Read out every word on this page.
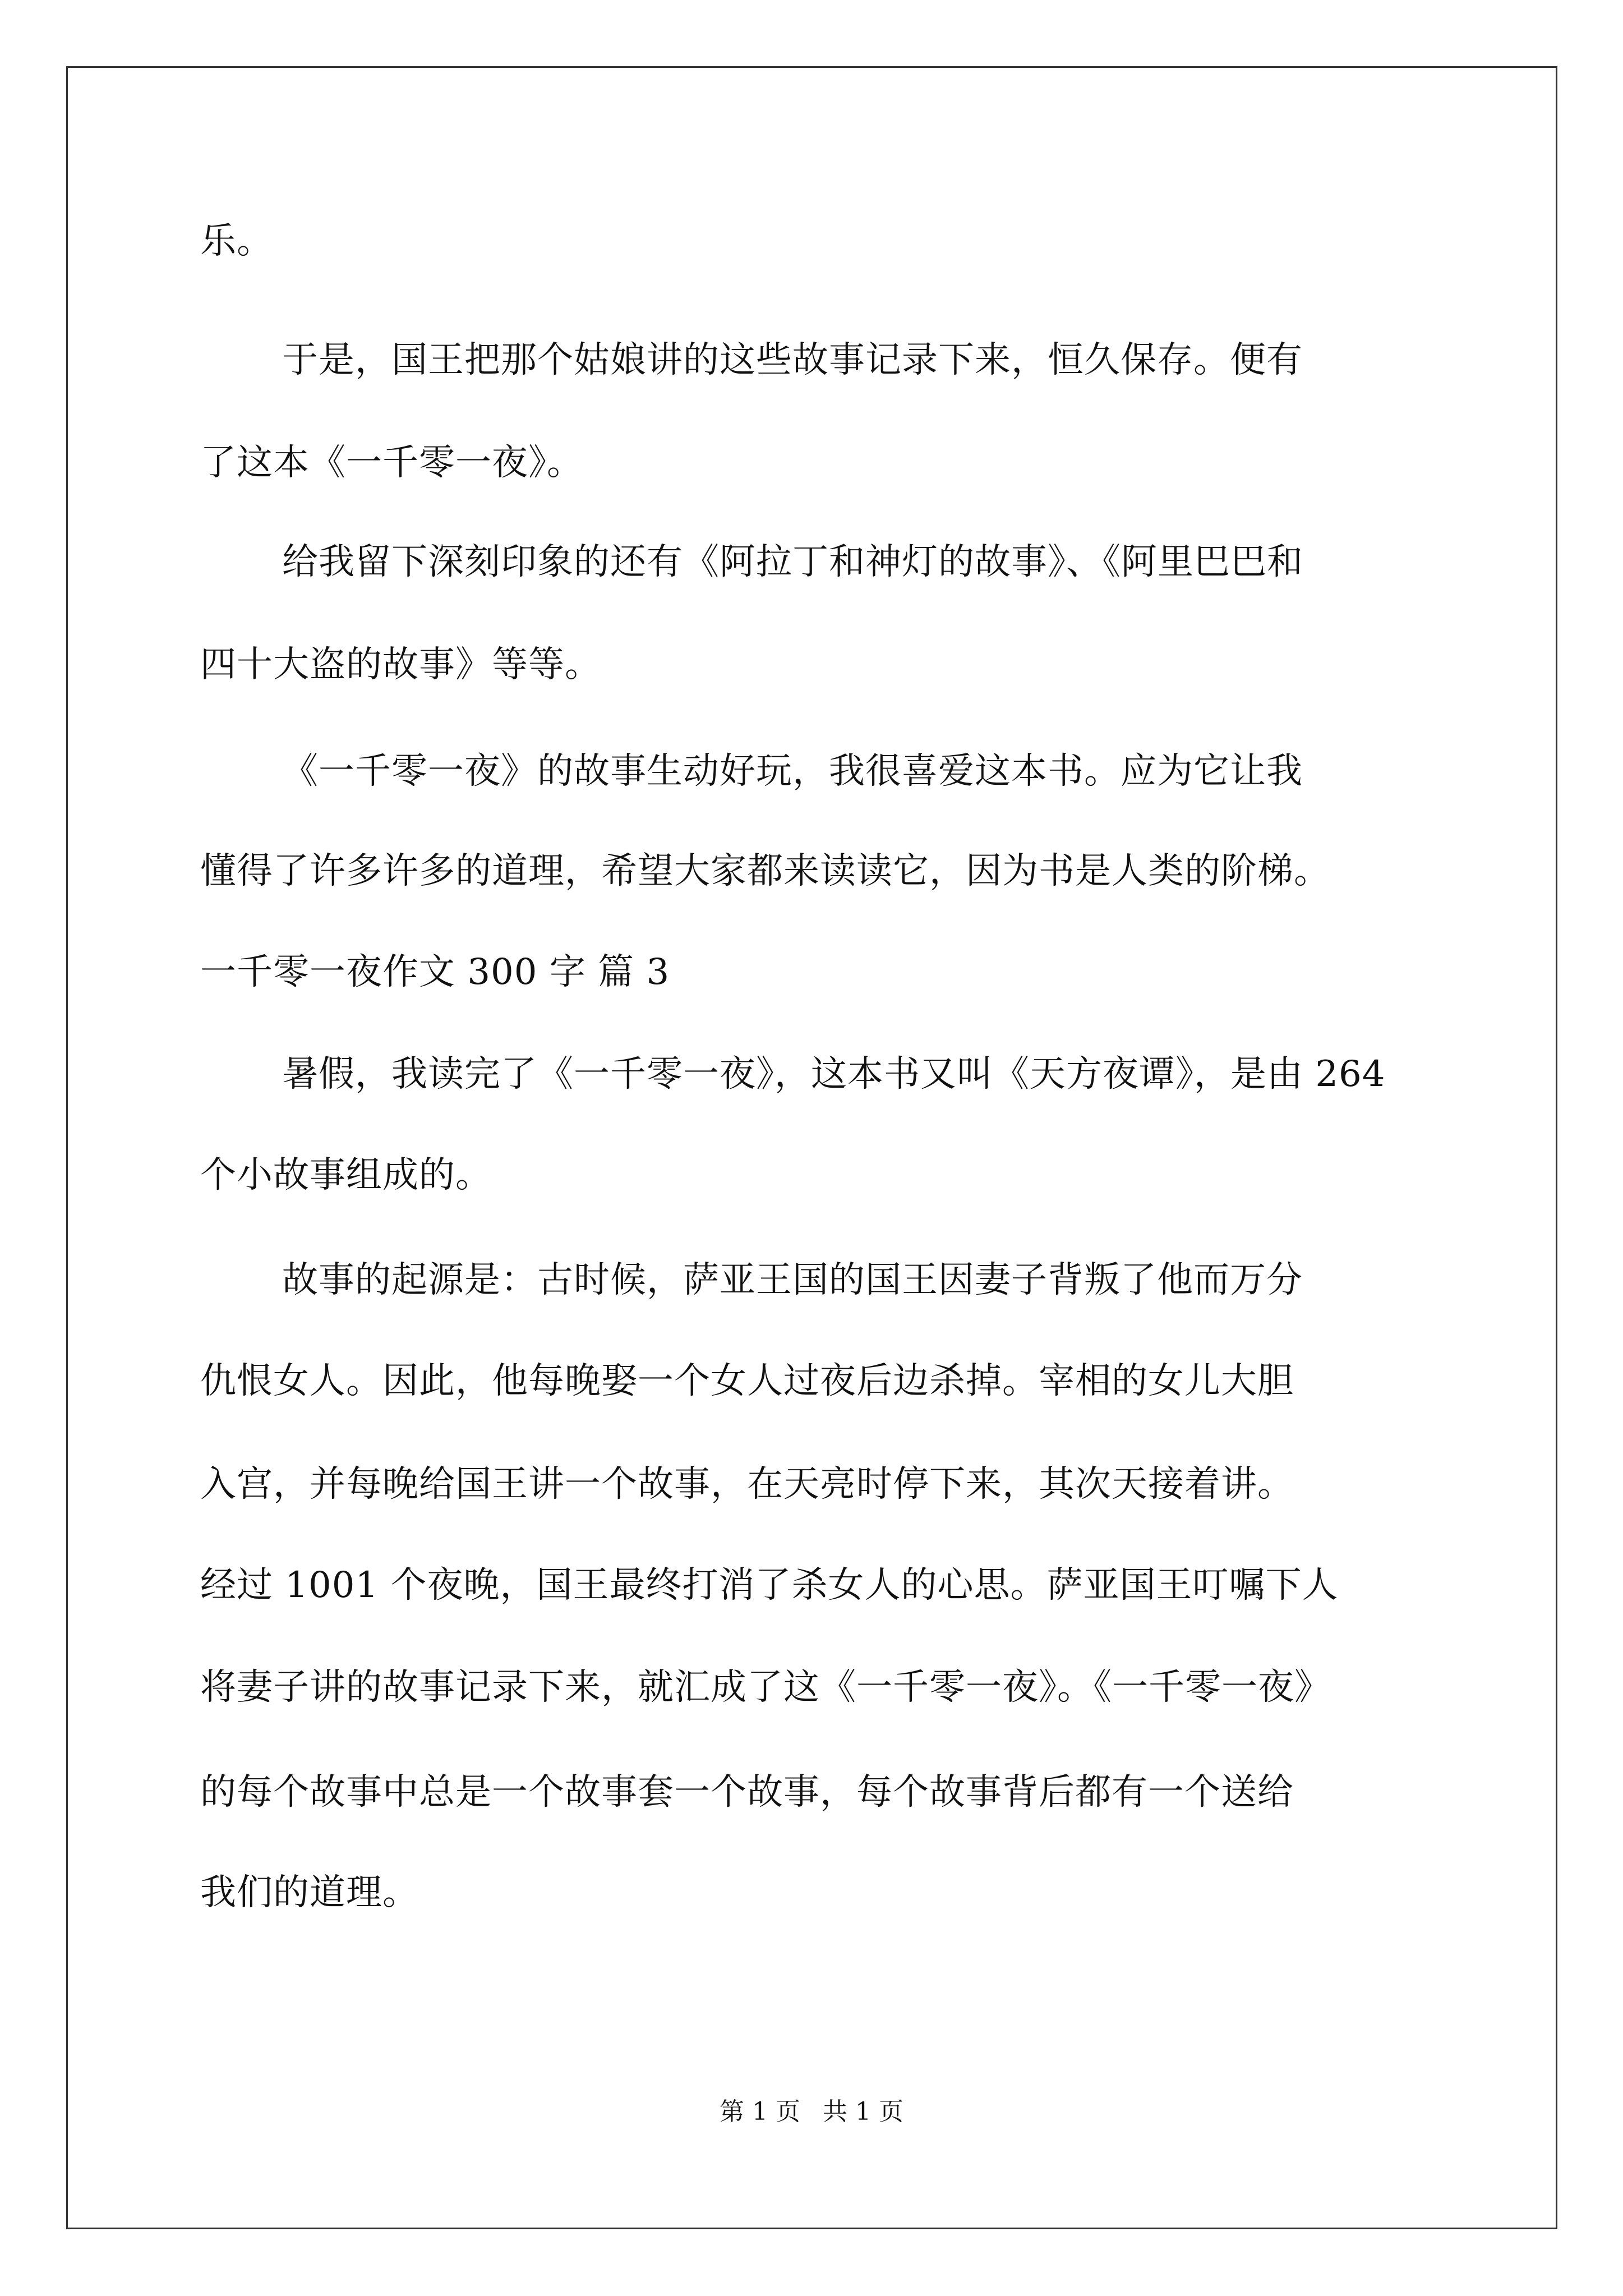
乐。
于是，国王把那个姑娘讲的这些故事记录下来，恒久保存。便有
了这本《一千零一夜》。
给我留下深刻印象的还有《阿拉丁和神灯的故事》、《阿里巴巴和
四十大盗的故事》等等。
《一千零一夜》的故事生动好玩，我很喜爱这本书。应为它让我
懂得了许多许多的道理，希望大家都来读读它，因为书是人类的阶梯。
一千零一夜作文 300 字 篇 3
暑假，我读完了《一千零一夜》，这本书又叫《天方夜谭》，是由 264
个小故事组成的。
故事的起源是：古时候，萨亚王国的国王因妻子背叛了他而万分
仇恨女人。因此，他每晚娶一个女人过夜后边杀掉。宰相的女儿大胆
入宫，并每晚给国王讲一个故事，在天亮时停下来，其次天接着讲。
经过 1001 个夜晚，国王最终打消了杀女人的心思。萨亚国王叮嘱下人
将妻子讲的故事记录下来，就汇成了这《一千零一夜》。《一千零一夜》
的每个故事中总是一个故事套一个故事，每个故事背后都有一个送给
我们的道理。
第 1 页 共 1 页
